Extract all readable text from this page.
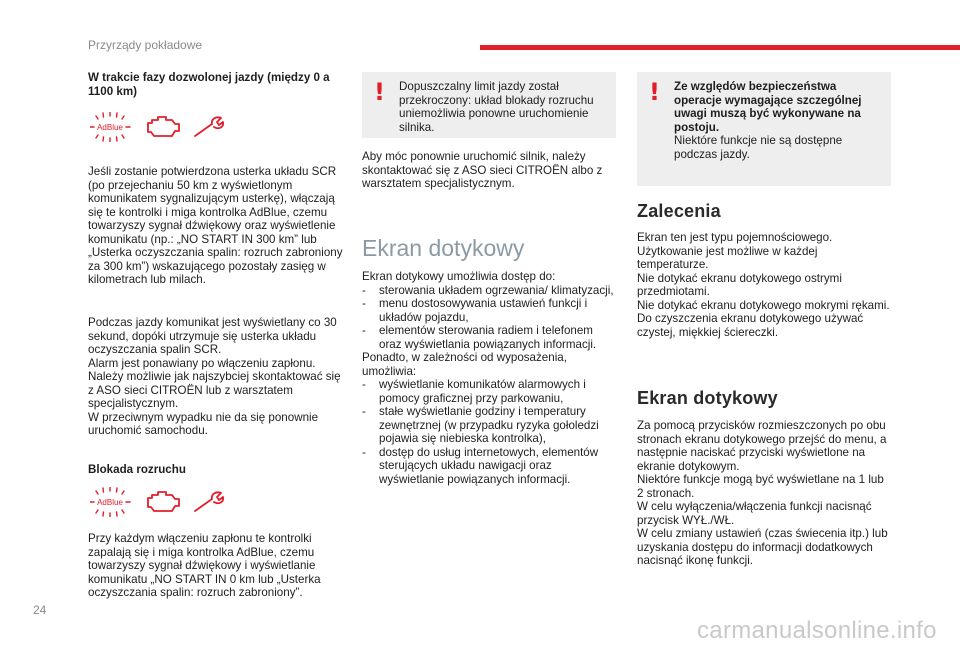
Przyrządy pokładowe

W trakcie fazy dozwolonej jazdy (między 0 a 1100 km)

AdBlue

Jeśli zostanie potwierdzona usterka układu SCR (po przejechaniu 50 km z wyświetlonym komunikatem sygnalizującym usterkę), włączają się te kontrolki i miga kontrolka AdBlue, czemu towarzyszy sygnał dźwiękowy oraz wyświetlenie komunikatu (np.: „NO START IN 300 km” lub „Usterka oczyszczania spalin: rozruch zabroniony za 300 km”) wskazującego pozostały zasięg w kilometrach lub milach.

Podczas jazdy komunikat jest wyświetlany co 30 sekund, dopóki utrzymuje się usterka układu oczyszczania spalin SCR.
Alarm jest ponawiany po włączeniu zapłonu.
Należy możliwie jak najszybciej skontaktować się z ASO sieci CITROËN lub z warsztatem specjalistycznym.
W przeciwnym wypadku nie da się ponownie uruchomić samochodu.

Blokada rozruchu

AdBlue

Przy każdym włączeniu zapłonu te kontrolki zapalają się i miga kontrolka AdBlue, czemu towarzyszy sygnał dźwiękowy i wyświetlanie komunikatu „NO START IN 0 km lub „Usterka oczyszczania spalin: rozruch zabroniony”.

! Dopuszczalny limit jazdy został przekroczony: układ blokady rozruchu uniemożliwia ponowne uruchomienie silnika.

Aby móc ponownie uruchomić silnik, należy skontaktować się z ASO sieci CITROËN albo z warsztatem specjalistycznym.

Ekran dotykowy

Ekran dotykowy umożliwia dostęp do:

- sterowania układem ogrzewania/ klimatyzacji,
- menu dostosowywania ustawień funkcji i układów pojazdu,
- elementów sterowania radiem i telefonem oraz wyświetlania powiązanych informacji.

Ponadto, w zależności od wyposażenia, umożliwia:

- wyświetlanie komunikatów alarmowych i pomocy graficznej przy parkowaniu,
- stałe wyświetlanie godziny i temperatury zewnętrznej (w przypadku ryzyka gołoledzi pojawia się niebieska kontrolka),
- dostęp do usług internetowych, elementów sterujących układu nawigacji oraz wyświetlanie powiązanych informacji.
! Ze względów bezpieczeństwa operacje wymagające szczególnej uwagi muszą być wykonywane na postoju.

Niektóre funkcje nie są dostępne podczas jazdy.

Zalecenia

Ekran ten jest typu pojemnościowego.
Użytkowanie jest możliwe w każdej temperaturze.
Nie dotykać ekranu dotykowego ostrymi przedmiotami.
Nie dotykać ekranu dotykowego mokrymi rękami.
Do czyszczenia ekranu dotykowego używać czystej, miękkiej ściereczki.

Ekran dotykowy

Za pomocą przycisków rozmieszczonych po obu stronach ekranu dotykowego przejść do menu, a następnie naciskać przyciski wyświetlone na ekranie dotykowym.
Niektóre funkcje mogą być wyświetlane na 1 lub 2 stronach.
W celu wyłączenia/włączenia funkcji nacisnąć przycisk WYŁ./WŁ.
W celu zmiany ustawień (czas świecenia itp.) lub uzyskania dostępu do informacji dodatkowych nacisnąć ikonę funkcji.

24
carmanualsonline.info
